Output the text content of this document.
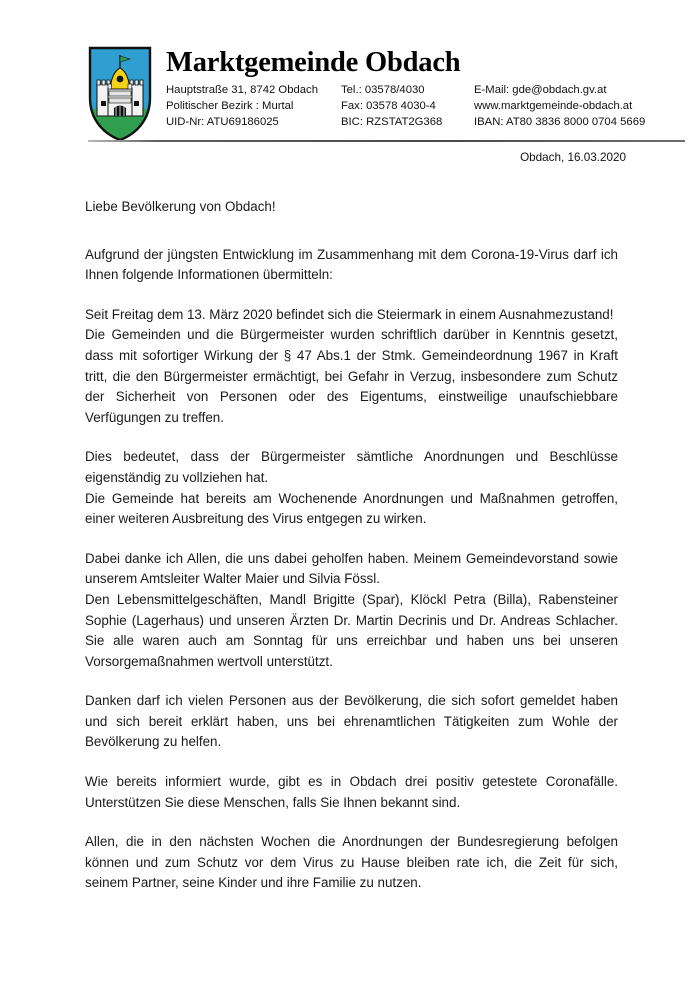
Marktgemeinde Obdach
Hauptstraße 31, 8742 Obdach
Politischer Bezirk : Murtal
UID-Nr: ATU69186025
Tel.: 03578/4030
Fax: 03578 4030-4
BIC: RZSTAT2G368
E-Mail: gde@obdach.gv.at
www.marktgemeinde-obdach.at
IBAN: AT80 3836 8000 0704 5669
Obdach, 16.03.2020

Liebe Bevölkerung von Obdach!

Aufgrund der jüngsten Entwicklung im Zusammenhang mit dem Corona-19-Virus darf ich Ihnen folgende Informationen übermitteln:

Seit Freitag dem 13. März 2020 befindet sich die Steiermark in einem Ausnahmezustand!

Die Gemeinden und die Bürgermeister wurden schriftlich darüber in Kenntnis gesetzt, dass mit sofortiger Wirkung der § 47 Abs.1 der Stmk. Gemeindeordnung 1967 in Kraft tritt, die den Bürgermeister ermächtigt, bei Gefahr in Verzug, insbesondere zum Schutz der Sicherheit von Personen oder des Eigentums, einstweilige unaufschiebbare Verfügungen zu treffen.

Dies bedeutet, dass der Bürgermeister sämtliche Anordnungen und Beschlüsse eigenständig zu vollziehen hat.

Die Gemeinde hat bereits am Wochenende Anordnungen und Maßnahmen getroffen, einer weiteren Ausbreitung des Virus entgegen zu wirken.

Dabei danke ich Allen, die uns dabei geholfen haben. Meinem Gemeindevorstand sowie unserem Amtsleiter Walter Maier und Silvia Fössl.

Den Lebensmittelgeschäften, Mandl Brigitte (Spar), Klöckl Petra (Billa), Rabensteiner Sophie (Lagerhaus) und unseren Ärzten Dr. Martin Decrinis und Dr. Andreas Schlacher. Sie alle waren auch am Sonntag für uns erreichbar und haben uns bei unseren Vorsorgemaßnahmen wertvoll unterstützt.

Danken darf ich vielen Personen aus der Bevölkerung, die sich sofort gemeldet haben und sich bereit erklärt haben, uns bei ehrenamtlichen Tätigkeiten zum Wohle der Bevölkerung zu helfen.

Wie bereits informiert wurde, gibt es in Obdach drei positiv getestete Coronafälle. Unterstützen Sie diese Menschen, falls Sie Ihnen bekannt sind.

Allen, die in den nächsten Wochen die Anordnungen der Bundesregierung befolgen können und zum Schutz vor dem Virus zu Hause bleiben rate ich, die Zeit für sich, seinem Partner, seine Kinder und ihre Familie zu nutzen.
